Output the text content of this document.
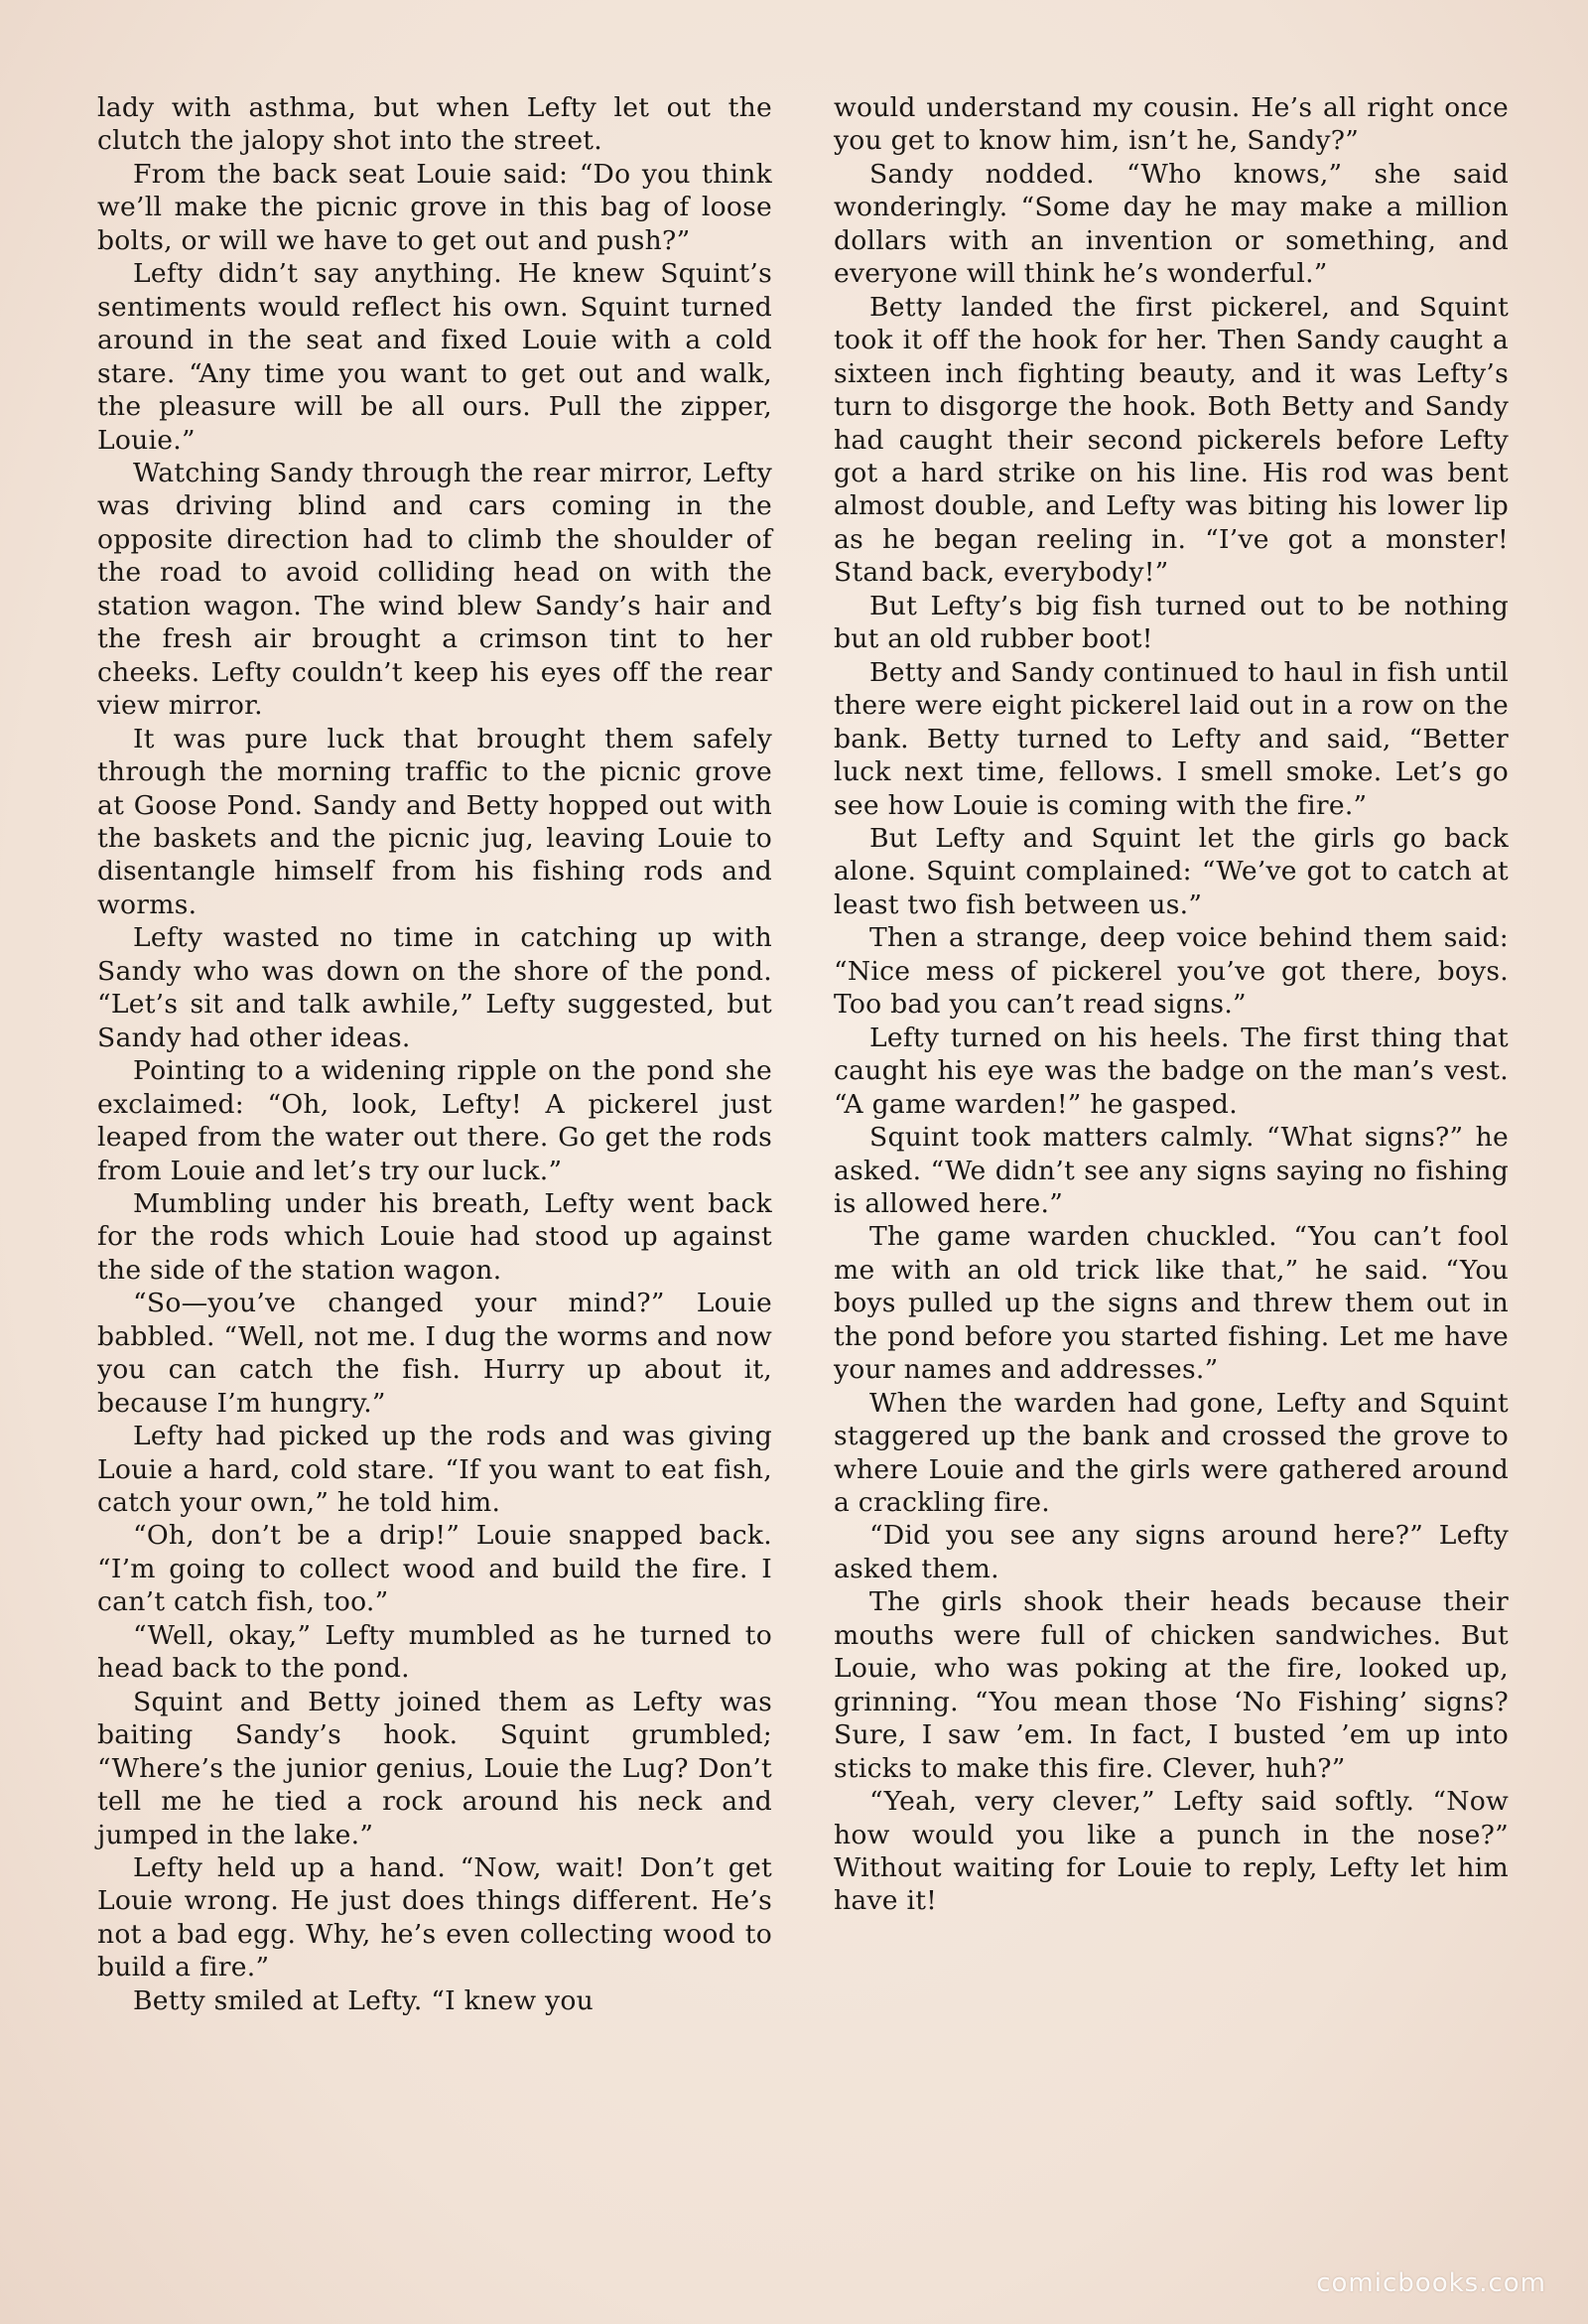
lady with asthma, but when Lefty let out the clutch the jalopy shot into the street.

From the back seat Louie said: “Do you think we’ll make the picnic grove in this bag of loose bolts, or will we have to get out and push?”

Lefty didn’t say anything. He knew Squint’s sentiments would reflect his own. Squint turned around in the seat and fixed Louie with a cold stare. “Any time you want to get out and walk, the pleasure will be all ours. Pull the zipper, Louie.”

Watching Sandy through the rear mirror, Lefty was driving blind and cars coming in the opposite direction had to climb the shoulder of the road to avoid colliding head on with the station wagon. The wind blew Sandy’s hair and the fresh air brought a crimson tint to her cheeks. Lefty couldn’t keep his eyes off the rear view mirror.

It was pure luck that brought them safely through the morning traffic to the picnic grove at Goose Pond. Sandy and Betty hopped out with the baskets and the picnic jug, leaving Louie to disentangle himself from his fishing rods and worms.

Lefty wasted no time in catching up with Sandy who was down on the shore of the pond. “Let’s sit and talk awhile,” Lefty suggested, but Sandy had other ideas.

Pointing to a widening ripple on the pond she exclaimed: “Oh, look, Lefty! A pickerel just leaped from the water out there. Go get the rods from Louie and let’s try our luck.”

Mumbling under his breath, Lefty went back for the rods which Louie had stood up against the side of the station wagon.

“So—you’ve changed your mind?” Louie babbled. “Well, not me. I dug the worms and now you can catch the fish. Hurry up about it, because I’m hungry.”

Lefty had picked up the rods and was giving Louie a hard, cold stare. “If you want to eat fish, catch your own,” he told him.

“Oh, don’t be a drip!” Louie snapped back. “I’m going to collect wood and build the fire. I can’t catch fish, too.”

“Well, okay,” Lefty mumbled as he turned to head back to the pond.

Squint and Betty joined them as Lefty was baiting Sandy’s hook. Squint grumbled; “Where’s the junior genius, Louie the Lug? Don’t tell me he tied a rock around his neck and jumped in the lake.”

Lefty held up a hand. “Now, wait! Don’t get Louie wrong. He just does things different. He’s not a bad egg. Why, he’s even collecting wood to build a fire.”

Betty smiled at Lefty. “I knew you

would understand my cousin. He’s all right once you get to know him, isn’t he, Sandy?”

Sandy nodded. “Who knows,” she said wonderingly. “Some day he may make a million dollars with an invention or something, and everyone will think he’s wonderful.”

Betty landed the first pickerel, and Squint took it off the hook for her. Then Sandy caught a sixteen inch fighting beauty, and it was Lefty’s turn to disgorge the hook. Both Betty and Sandy had caught their second pickerels before Lefty got a hard strike on his line. His rod was bent almost double, and Lefty was biting his lower lip as he began reeling in. “I’ve got a monster! Stand back, everybody!”

But Lefty’s big fish turned out to be nothing but an old rubber boot!

Betty and Sandy continued to haul in fish until there were eight pickerel laid out in a row on the bank. Betty turned to Lefty and said, “Better luck next time, fellows. I smell smoke. Let’s go see how Louie is coming with the fire.”

But Lefty and Squint let the girls go back alone. Squint complained: “We’ve got to catch at least two fish between us.”

Then a strange, deep voice behind them said: “Nice mess of pickerel you’ve got there, boys. Too bad you can’t read signs.”

Lefty turned on his heels. The first thing that caught his eye was the badge on the man’s vest. “A game warden!” he gasped.

Squint took matters calmly. “What signs?” he asked. “We didn’t see any signs saying no fishing is allowed here.”

The game warden chuckled. “You can’t fool me with an old trick like that,” he said. “You boys pulled up the signs and threw them out in the pond before you started fishing. Let me have your names and addresses.”

When the warden had gone, Lefty and Squint staggered up the bank and crossed the grove to where Louie and the girls were gathered around a crackling fire.

“Did you see any signs around here?” Lefty asked them.

The girls shook their heads because their mouths were full of chicken sandwiches. But Louie, who was poking at the fire, looked up, grinning. “You mean those ‘No Fishing’ signs? Sure, I saw ’em. In fact, I busted ’em up into sticks to make this fire. Clever, huh?”

“Yeah, very clever,” Lefty said softly. “Now how would you like a punch in the nose?” Without waiting for Louie to reply, Lefty let him have it!

comicbooks.com
